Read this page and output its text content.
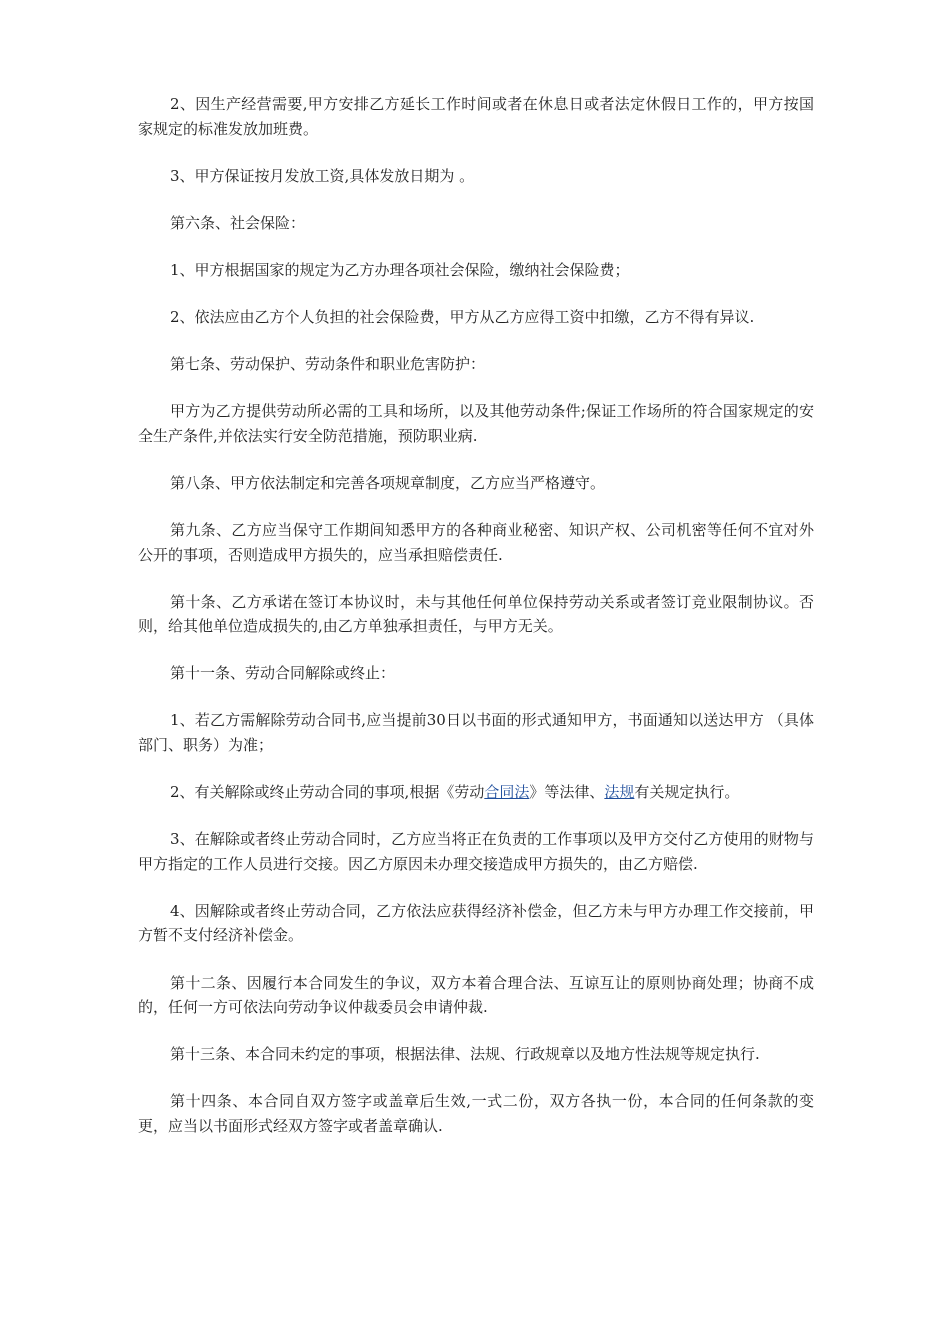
2、因生产经营需要,甲方安排乙方延长工作时间或者在休息日或者法定休假日工作的，甲方按国家规定的标准发放加班费。

3、甲方保证按月发放工资,具体发放日期为 。

第六条、社会保险：

1、甲方根据国家的规定为乙方办理各项社会保险，缴纳社会保险费；

2、依法应由乙方个人负担的社会保险费，甲方从乙方应得工资中扣缴，乙方不得有异议.

第七条、劳动保护、劳动条件和职业危害防护：

甲方为乙方提供劳动所必需的工具和场所，以及其他劳动条件;保证工作场所的符合国家规定的安全生产条件,并依法实行安全防范措施，预防职业病.

第八条、甲方依法制定和完善各项规章制度，乙方应当严格遵守。

第九条、乙方应当保守工作期间知悉甲方的各种商业秘密、知识产权、公司机密等任何不宜对外公开的事项，否则造成甲方损失的，应当承担赔偿责任.

第十条、乙方承诺在签订本协议时，未与其他任何单位保持劳动关系或者签订竞业限制协议。否则，给其他单位造成损失的,由乙方单独承担责任，与甲方无关。

第十一条、劳动合同解除或终止：

1、若乙方需解除劳动合同书,应当提前30日以书面的形式通知甲方，书面通知以送达甲方 （具体部门、职务）为准；

2、有关解除或终止劳动合同的事项,根据《劳动合同法》等法律、法规有关规定执行。

3、在解除或者终止劳动合同时，乙方应当将正在负责的工作事项以及甲方交付乙方使用的财物与甲方指定的工作人员进行交接。因乙方原因未办理交接造成甲方损失的，由乙方赔偿.

4、因解除或者终止劳动合同，乙方依法应获得经济补偿金，但乙方未与甲方办理工作交接前，甲方暂不支付经济补偿金。

第十二条、因履行本合同发生的争议，双方本着合理合法、互谅互让的原则协商处理；协商不成的，任何一方可依法向劳动争议仲裁委员会申请仲裁.

第十三条、本合同未约定的事项，根据法律、法规、行政规章以及地方性法规等规定执行.

第十四条、本合同自双方签字或盖章后生效,一式二份，双方各执一份，本合同的任何条款的变更，应当以书面形式经双方签字或者盖章确认.
